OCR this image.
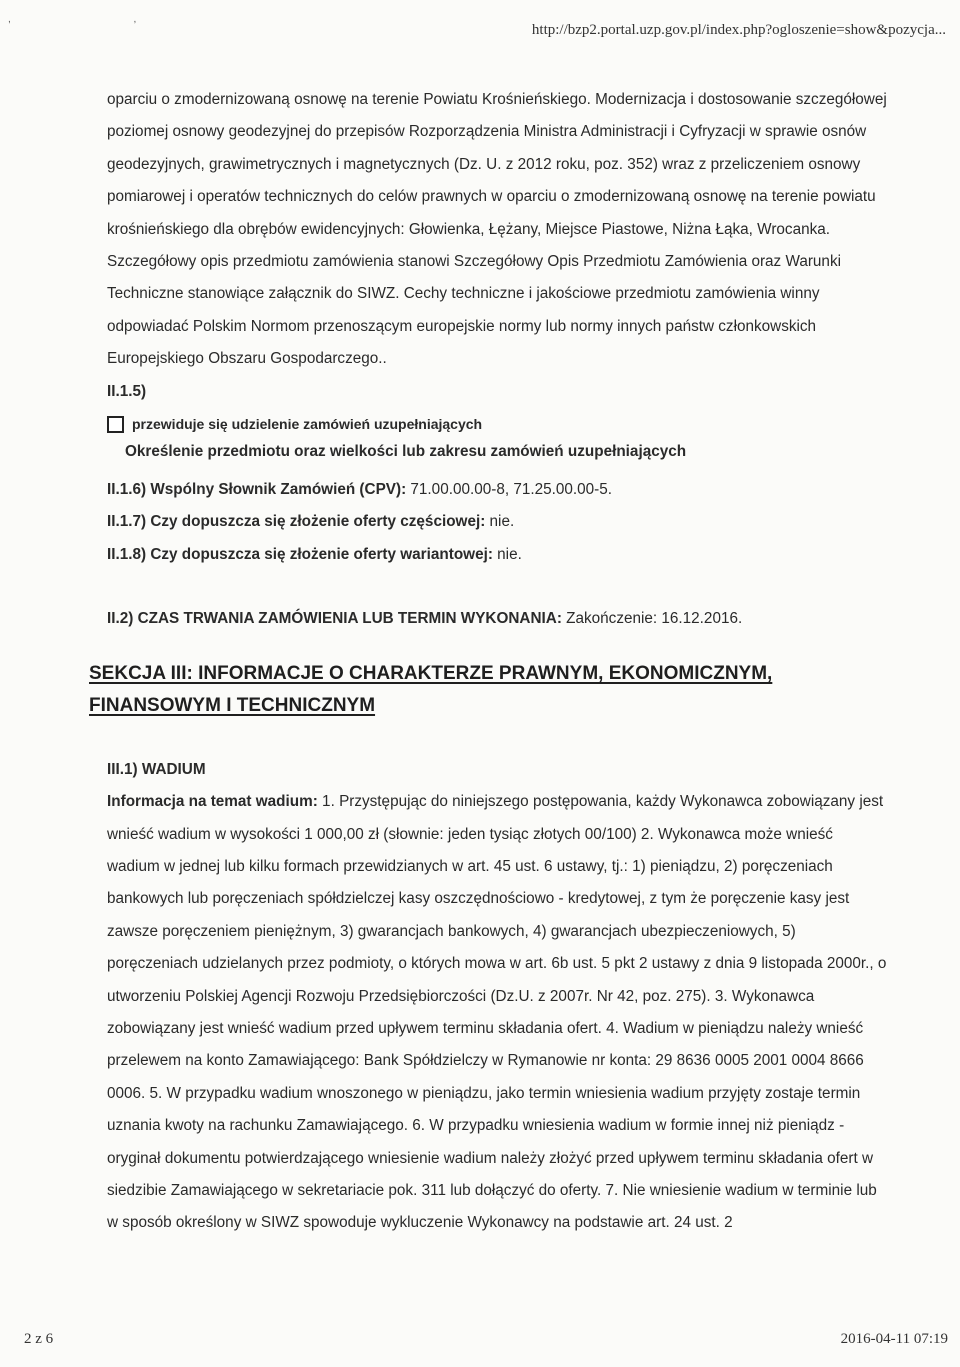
, ,
http://bzp2.portal.uzp.gov.pl/index.php?ogloszenie=show&pozycja...

oparciu o zmodernizowaną osnowę na terenie Powiatu Krośnieńskiego. Modernizacja i dostosowanie szczegółowej poziomej osnowy geodezyjnej do przepisów Rozporządzenia Ministra Administracji i Cyfryzacji w sprawie osnów geodezyjnych, grawimetrycznych i magnetycznych (Dz. U. z 2012 roku, poz. 352) wraz z przeliczeniem osnowy pomiarowej i operatów technicznych do celów prawnych w oparciu o zmodernizowaną osnowę na terenie powiatu krośnieńskiego dla obrębów ewidencyjnych: Głowienka, Łężany, Miejsce Piastowe, Niżna Łąka, Wrocanka. Szczegółowy opis przedmiotu zamówienia stanowi Szczegółowy Opis Przedmiotu Zamówienia oraz Warunki Techniczne stanowiące załącznik do SIWZ. Cechy techniczne i jakościowe przedmiotu zamówienia winny odpowiadać Polskim Normom przenoszącym europejskie normy lub normy innych państw członkowskich Europejskiego Obszaru Gospodarczego..

II.1.5)

przewiduje się udzielenie zamówień uzupełniających

Określenie przedmiotu oraz wielkości lub zakresu zamówień uzupełniających

II.1.6) Wspólny Słownik Zamówień (CPV): 71.00.00.00-8, 71.25.00.00-5.

II.1.7) Czy dopuszcza się złożenie oferty częściowej: nie.

II.1.8) Czy dopuszcza się złożenie oferty wariantowej: nie.

II.2) CZAS TRWANIA ZAMÓWIENIA LUB TERMIN WYKONANIA: Zakończenie: 16.12.2016.

SEKCJA III: INFORMACJE O CHARAKTERZE PRAWNYM, EKONOMICZNYM, FINANSOWYM I TECHNICZNYM

III.1) WADIUM

Informacja na temat wadium: 1. Przystępując do niniejszego postępowania, każdy Wykonawca zobowiązany jest wnieść wadium w wysokości 1 000,00 zł (słownie: jeden tysiąc złotych 00/100) 2. Wykonawca może wnieść wadium w jednej lub kilku formach przewidzianych w art. 45 ust. 6 ustawy, tj.: 1) pieniądzu, 2) poręczeniach bankowych lub poręczeniach spółdzielczej kasy oszczędnościowo - kredytowej, z tym że poręczenie kasy jest zawsze poręczeniem pieniężnym, 3) gwarancjach bankowych, 4) gwarancjach ubezpieczeniowych, 5) poręczeniach udzielanych przez podmioty, o których mowa w art. 6b ust. 5 pkt 2 ustawy z dnia 9 listopada 2000r., o utworzeniu Polskiej Agencji Rozwoju Przedsiębiorczości (Dz.U. z 2007r. Nr 42, poz. 275). 3. Wykonawca zobowiązany jest wnieść wadium przed upływem terminu składania ofert. 4. Wadium w pieniądzu należy wnieść przelewem na konto Zamawiającego: Bank Spółdzielczy w Rymanowie nr konta: 29 8636 0005 2001 0004 8666 0006. 5. W przypadku wadium wnoszonego w pieniądzu, jako termin wniesienia wadium przyjęty zostaje termin uznania kwoty na rachunku Zamawiającego. 6. W przypadku wniesienia wadium w formie innej niż pieniądz - oryginał dokumentu potwierdzającego wniesienie wadium należy złożyć przed upływem terminu składania ofert w siedzibie Zamawiającego w sekretariacie pok. 311 lub dołączyć do oferty. 7. Nie wniesienie wadium w terminie lub w sposób określony w SIWZ spowoduje wykluczenie Wykonawcy na podstawie art. 24 ust. 2

2 z 6	2016-04-11 07:19
